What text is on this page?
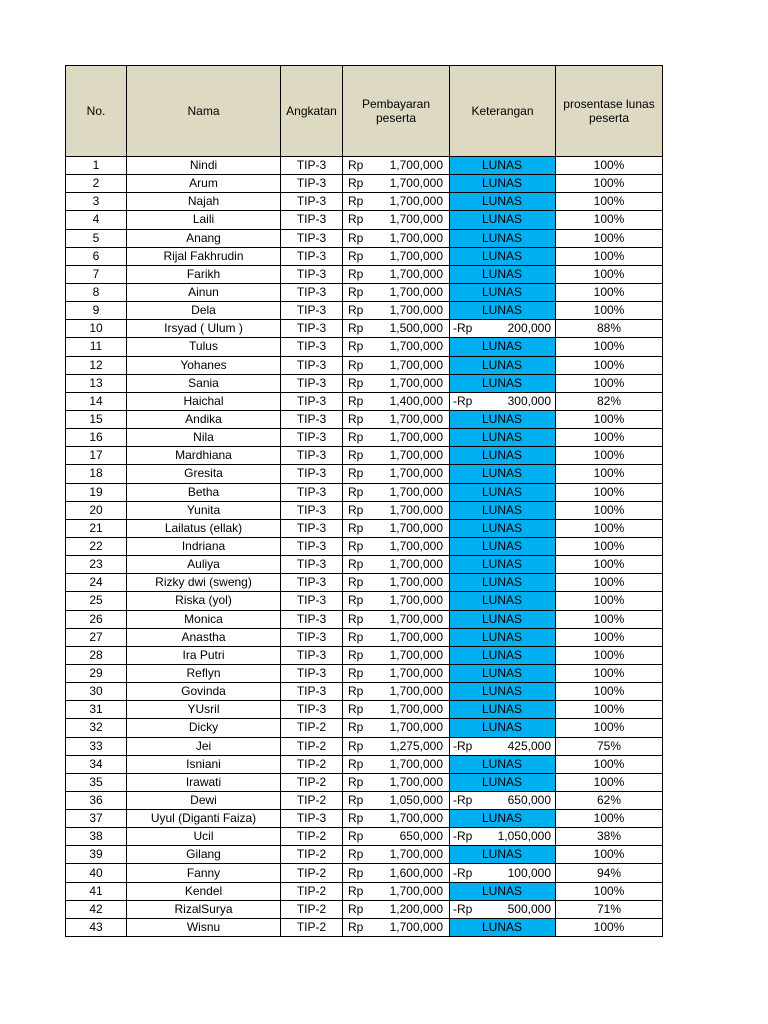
No.	Nama	Angkatan	Pembayaran peserta	Keterangan	prosentase lunas peserta
1	Nindi	TIP-3	Rp 1,700,000	LUNAS	100%
2	Arum	TIP-3	Rp 1,700,000	LUNAS	100%
3	Najah	TIP-3	Rp 1,700,000	LUNAS	100%
4	Laili	TIP-3	Rp 1,700,000	LUNAS	100%
5	Anang	TIP-3	Rp 1,700,000	LUNAS	100%
6	Rijal Fakhrudin	TIP-3	Rp 1,700,000	LUNAS	100%
7	Farikh	TIP-3	Rp 1,700,000	LUNAS	100%
8	Ainun	TIP-3	Rp 1,700,000	LUNAS	100%
9	Dela	TIP-3	Rp 1,700,000	LUNAS	100%
10	Irsyad ( Ulum )	TIP-3	Rp 1,500,000	-Rp 200,000	88%
11	Tulus	TIP-3	Rp 1,700,000	LUNAS	100%
12	Yohanes	TIP-3	Rp 1,700,000	LUNAS	100%
13	Sania	TIP-3	Rp 1,700,000	LUNAS	100%
14	Haichal	TIP-3	Rp 1,400,000	-Rp 300,000	82%
15	Andika	TIP-3	Rp 1,700,000	LUNAS	100%
16	Nila	TIP-3	Rp 1,700,000	LUNAS	100%
17	Mardhiana	TIP-3	Rp 1,700,000	LUNAS	100%
18	Gresita	TIP-3	Rp 1,700,000	LUNAS	100%
19	Betha	TIP-3	Rp 1,700,000	LUNAS	100%
20	Yunita	TIP-3	Rp 1,700,000	LUNAS	100%
21	Lailatus (ellak)	TIP-3	Rp 1,700,000	LUNAS	100%
22	Indriana	TIP-3	Rp 1,700,000	LUNAS	100%
23	Auliya	TIP-3	Rp 1,700,000	LUNAS	100%
24	Rizky dwi (sweng)	TIP-3	Rp 1,700,000	LUNAS	100%
25	Riska (yol)	TIP-3	Rp 1,700,000	LUNAS	100%
26	Monica	TIP-3	Rp 1,700,000	LUNAS	100%
27	Anastha	TIP-3	Rp 1,700,000	LUNAS	100%
28	Ira Putri	TIP-3	Rp 1,700,000	LUNAS	100%
29	Reflyn	TIP-3	Rp 1,700,000	LUNAS	100%
30	Govinda	TIP-3	Rp 1,700,000	LUNAS	100%
31	YUsril	TIP-3	Rp 1,700,000	LUNAS	100%
32	Dicky	TIP-2	Rp 1,700,000	LUNAS	100%
33	Jei	TIP-2	Rp 1,275,000	-Rp 425,000	75%
34	Isniani	TIP-2	Rp 1,700,000	LUNAS	100%
35	Irawati	TIP-2	Rp 1,700,000	LUNAS	100%
36	Dewi	TIP-2	Rp 1,050,000	-Rp 650,000	62%
37	Uyul (Diganti Faiza)	TIP-3	Rp 1,700,000	LUNAS	100%
38	Ucil	TIP-2	Rp 650,000	-Rp 1,050,000	38%
39	Gilang	TIP-2	Rp 1,700,000	LUNAS	100%
40	Fanny	TIP-2	Rp 1,600,000	-Rp 100,000	94%
41	Kendel	TIP-2	Rp 1,700,000	LUNAS	100%
42	RizalSurya	TIP-2	Rp 1,200,000	-Rp 500,000	71%
43	Wisnu	TIP-2	Rp 1,700,000	LUNAS	100%
